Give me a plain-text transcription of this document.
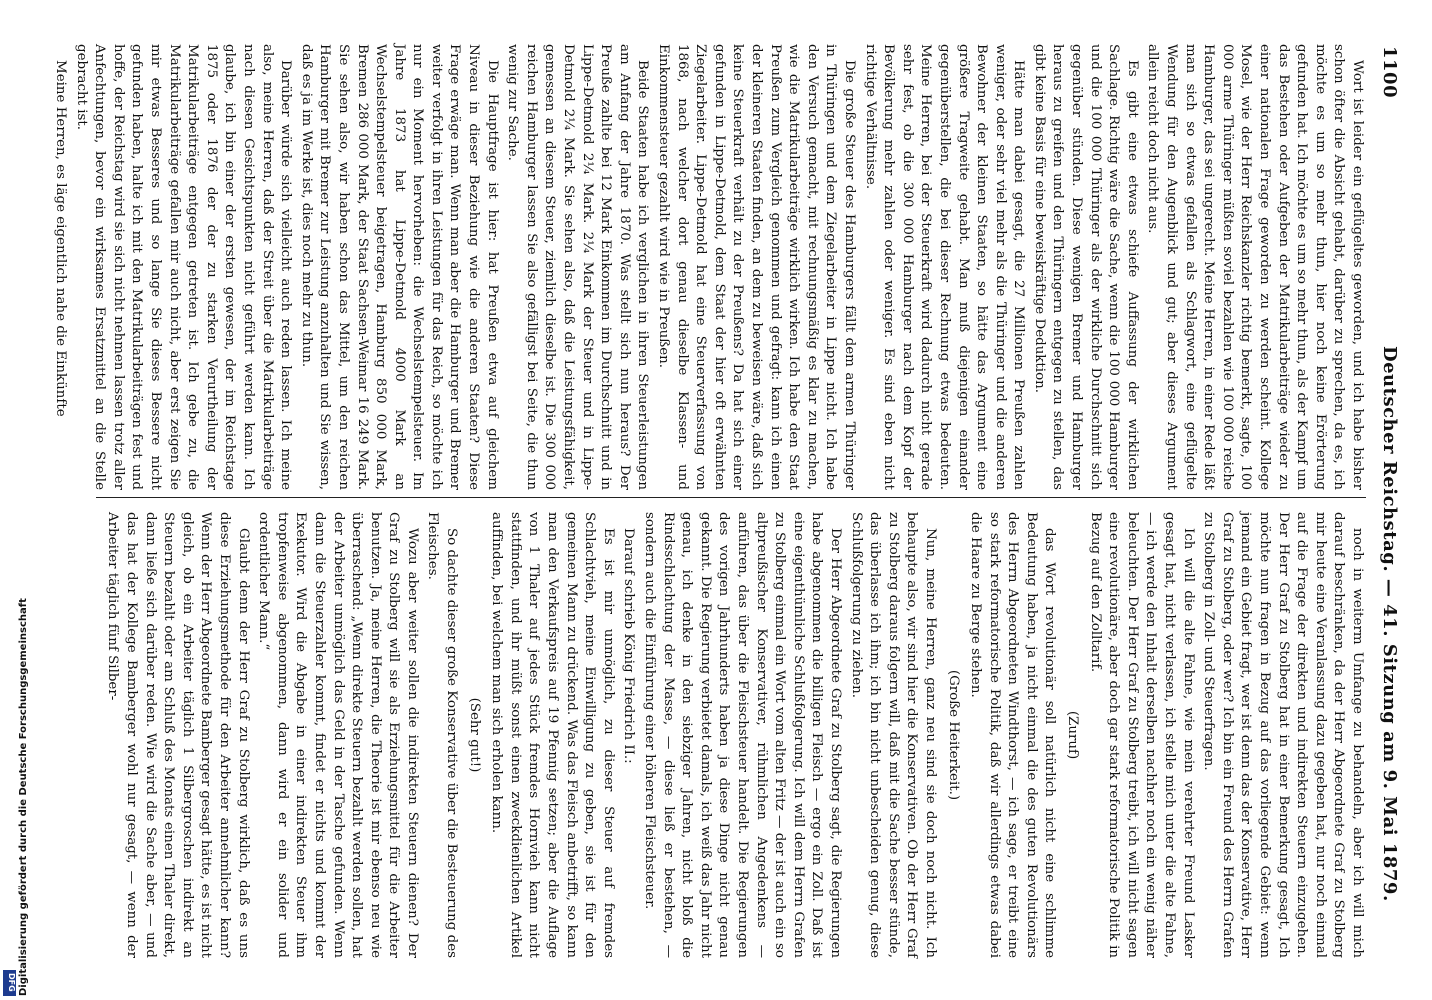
1100
Deutscher Reichstag. — 41. Sitzung am 9. Mai 1879.

Wort ist leider ein geflügeltes geworden, und ich habe bisher schon öfter die Absicht gehabt, darüber zu sprechen, da es, ich möchte es um so mehr thun, hier noch keine Erörterung gefunden hat. Ich möchte es um so mehr thun, als der Kampf um das Bestehen oder Aufgeben der Matrikularbeiträge wieder zu einer nationalen Frage geworden zu werden scheint. Kollege Mosel, wie der Herr Reichskanzler richtig bemerkt, sagte, 100 000 arme Thüringer müßten soviel bezahlen wie 100 000 reiche Hamburger, das sei ungerecht. Meine Herren, in einer Rede läßt man sich so etwas gefallen als Schlagwort, eine geflügelte Wendung für den Augenblick und gut; aber dieses Argument allein reicht doch nicht aus.

Es gibt eine etwas schiefe Auffassung der wirklichen Sachlage. Richtig wäre die Sache, wenn die 100 000 Hamburger und die 100 000 Thüringer als der wirkliche Durchschnitt sich gegenüber stünden. Diese wenigen Bremer und Hamburger heraus zu greifen und den Thüringern entgegen zu stellen, das gibt keine Basis für eine beweiskräftige Deduktion.

Hätte man dabei gesagt, die 27 Millionen Preußen zahlen weniger, oder sehr viel mehr als die Thüringer und die anderen Bewohner der kleinen Staaten, so hätte das Argument eine größere Tragweite gehabt. Man muß diejenigen einander gegenüberstellen, die bei dieser Rechnung etwas bedeuten. Meine Herren, bei der Steuerkraft wird dadurch nicht gerade sehr fest, ob die 300 000 Hamburger nach dem Kopf der Bevölkerung mehr zahlen oder weniger. Es sind eben nicht richtige Verhältnisse.

Die große Steuer des Hamburgers fällt dem armen Thüringer in Thüringen und dem Ziegelarbeiter in Lippe nicht. Ich habe den Versuch gemacht, mit rechnungsmäßig es klar zu machen, wie die Matrikularbeiträge wirklich wirken. Ich habe den Staat Preußen zum Vergleich genommen und gefragt: kann ich einen der kleineren Staaten finden, an dem zu beweisen wäre, daß sich keine Steuerkraft verhält zu der Preußens? Da hat sich einer gefunden in Lippe-Detmold, dem Staat der hier oft erwähnten Ziegelarbeiter. Lippe-Detmold hat eine Steuerverfassung von 1868, nach welcher dort genau dieselbe Klassen- und Einkommensteuer gezahlt wird wie in Preußen.

Beide Staaten habe ich verglichen in ihren Steuerleistungen am Anfang der Jahre 1870. Was stellt sich nun heraus? Der Preuße zahlte bei 12 Mark Einkommen im Durchschnitt und in Lippe-Detmold 2¼ Mark. 2¼ Mark der Steuer und in Lippe-Detmold 2¼ Mark. Sie sehen also, daß die Leistungsfähigkeit, gemessen an diesem Steuer, ziemlich dieselbe ist. Die 300 000 reichen Hamburger lassen Sie also gefälligst bei Seite, die thun wenig zur Sache.

Die Hauptfrage ist hier: hat Preußen etwa auf gleichem Niveau in dieser Beziehung wie die anderen Staaten? Diese Frage erwäge man. Wenn man aber die Hamburger und Bremer weiter verfolgt in ihren Leistungen für das Reich, so möchte ich nur ein Moment hervorheben: die Wechselstempelsteuer. Im Jahre 1873 hat Lippe-Detmold 4000 Mark an Wechselstempelsteuer beigetragen, Hamburg 850 000 Mark, Bremen 286 000 Mark, der Staat Sachsen-Weimar 16 249 Mark. Sie sehen also, wir haben schon das Mittel, um den reichen Hamburger mit Bremer zur Leistung anzuhalten und Sie wissen, daß es ja im Werke ist, dies noch mehr zu thun.

Darüber würde sich vielleicht auch reden lassen. Ich meine also, meine Herren, daß der Streit über die Matrikularbeiträge nach diesen Gesichtspunkten nicht geführt werden kann. Ich glaube, ich bin einer der ersten gewesen, der im Reichstage 1875 oder 1876 der der zu starken Verurtheilung der Matrikularbeiträge entgegen getreten ist. Ich gebe zu, die Matrikularbeiträge gefallen mir auch nicht, aber erst zeigen Sie mir etwas Besseres und so lange Sie dieses Bessere nicht gefunden haben, halte ich mit den Matrikularbeiträgen fest und hoffe, der Reichstag wird sie sich nicht nehmen lassen trotz aller Anfechtungen, bevor ein wirksames Ersatzmittel an die Stelle gebracht ist.

Meine Herren, es läge eigentlich nahe die Einkünfte

noch in weiterm Umfange zu behandeln, aber ich will mich darauf beschränken, da der Herr Abgeordnete Graf zu Stolberg mir heute eine Veranlassung dazu gegeben hat, nur noch einmal auf die Frage der direkten und indirekten Steuern einzugehen. Der Herr Graf zu Stolberg hat in einer Bemerkung gesagt, Ich möchte nun fragen in Bezug auf das vorliegende Gebiet: wenn jemand ein Gebiet fragt, wer ist denn das der Konservative, Herr Graf zu Stolberg, oder wer? Ich bin ein Freund des Herrn Grafen zu Stolberg in Zoll- und Steuerfragen.

Ich will die alte Fahne, wie mein verehrter Freund Lasker gesagt hat, nicht verlassen, ich stelle mich unter die alte Fahne, — ich werde den Inhalt derselben nachher noch ein wenig näher beleuchten. Der Herr Graf zu Stolberg treibt, ich will nicht sagen eine revolutionäre, aber doch gar stark reformatorische Politik in Bezug auf den Zolltarif.

(Zuruf)

das Wort revolutionär soll natürlich nicht eine schlimme Bedeutung haben, ja nicht einmal die des guten Revolutionärs des Herrn Abgeordneten Windthorst, — ich sage, er treibt eine so stark reformatorische Politik, daß wir allerdings etwas dabei die Haare zu Berge stehen.

(Große Heiterkeit.)

Nun, meine Herren, ganz neu sind sie doch noch nicht. Ich behaupte also, wir sind hier die Konservativen. Ob der Herr Graf zu Stolberg daraus folgern will, daß mit die Sache besser stünde, das überlasse ich ihm; ich bin nicht unbescheiden genug, diese Schlußfolgerung zu ziehen.

Der Herr Abgeordnete Graf zu Stolberg sagt, die Regierungen habe abgenommen die billigen Fleisch — ergo ein Zoll. Daß ist eine eigenthümliche Schlußfolgerung. Ich will dem Herrn Grafen zu Stolberg einmal ein Wort vom alten Fritz — der ist auch ein so altpreußischer Konservativer, rühmlichen Angedenkens — anführen, das über die Fleischsteuer handelt. Die Regierungen des vorigen Jahrhunderts haben ja diese Dinge nicht genau gekannt. Die Regierung verbietet damals, ich weiß das Jahr nicht genau, ich denke in den siebziger Jahren, nicht bloß die Rindsschlachtung der Masse, — diese ließ er bestehen, — sondern auch die Einführung einer höheren Fleischsteuer.

Darauf schrieb König Friedrich II.:

Es ist mir unmöglich, zu dieser Steuer auf fremdes Schlachtvieh, meine Einwilligung zu geben, sie ist für den gemeinen Mann zu drückend. Was das Fleisch anbetrifft, so kann man den Verkaufspreis auf 19 Pfennig setzen; aber die Auflage von 1 Thaler auf jedes Stück fremdes Hornvieh kann nicht stattfinden, und ihr müßt sonst einen zweckdienlichen Artikel auffinden, bei welchem man sich erholen kann.

(Sehr gut!)

So dachte dieser große Konservative über die Besteuerung des Fleisches.

Wozu aber weiter sollen die indirekten Steuern dienen? Der Graf zu Stolberg will sie als Erziehungsmittel für die Arbeiter benutzen. Ja, meine Herren, die Theorie ist mir ebenso neu wie überraschend: „Wenn direkte Steuern bezahlt werden sollen, hat der Arbeiter unmöglich das Geld in der Tasche gefunden. Wenn dann die Steuerzahler kommt, findet er nichts und kommt der Exekutor. Wird die Abgabe in einer indirekten Steuer ihm tropfenweise abgenommen, dann wird er ein solider und ordentlicher Mann.“

Glaubt denn der Herr Graf zu Stolberg wirklich, daß es uns diese Erziehungsmethode für den Arbeiter annehmlicher kann? Wenn der Herr Abgeordnete Bamberger gesagt hätte, es ist nicht gleich, ob ein Arbeiter täglich 1 Silbergroschen indirekt an Steuern bezahlt oder am Schluß des Monats einen Thaler direkt, dann ließe sich darüber reden. Wie wird die Sache aber, — und das hat der Kollege Bamberger wohl nur gesagt, — wenn der Arbeiter täglich fünf Silber-

Digitalisierung gefördert durch die Deutsche Forschungsgemeinschaft
DFG
